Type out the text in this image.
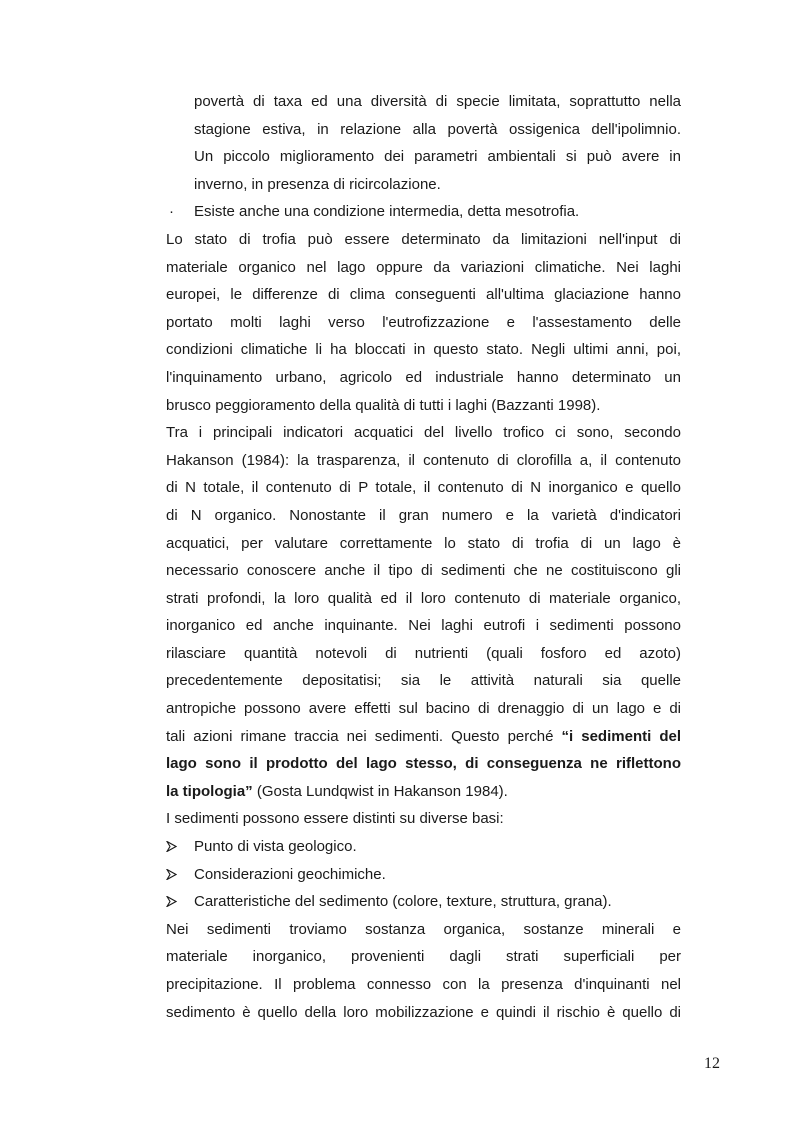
povertà di taxa ed una diversità di specie limitata, soprattutto nella
stagione estiva, in relazione alla povertà ossigenica dell'ipolimnio.
Un piccolo miglioramento dei parametri ambientali si può avere in
inverno, in presenza di ricircolazione.
·	Esiste anche una condizione intermedia, detta mesotrofia.
Lo stato di trofia può essere determinato da limitazioni nell'input di
materiale organico nel lago oppure da variazioni climatiche. Nei laghi
europei, le differenze di clima conseguenti all'ultima glaciazione hanno
portato molti laghi verso l'eutrofizzazione e l'assestamento delle
condizioni climatiche li ha bloccati in questo stato. Negli ultimi anni, poi,
l'inquinamento urbano, agricolo ed industriale hanno determinato un
brusco peggioramento della qualità di tutti i laghi (Bazzanti 1998).
Tra i principali indicatori acquatici del livello trofico ci sono, secondo
Hakanson (1984): la trasparenza, il contenuto di clorofilla a, il contenuto
di N totale, il contenuto di P totale, il contenuto di N inorganico e quello
di N organico. Nonostante il gran numero e la varietà d'indicatori
acquatici, per valutare correttamente lo stato di trofia di un lago è
necessario conoscere anche il tipo di sedimenti che ne costituiscono gli
strati profondi, la loro qualità ed il loro contenuto di materiale organico,
inorganico ed anche inquinante. Nei laghi eutrofi i sedimenti possono
rilasciare quantità notevoli di nutrienti (quali fosforo ed azoto)
precedentemente depositatisi; sia le attività naturali sia quelle
antropiche possono avere effetti sul bacino di drenaggio di un lago e di
tali azioni rimane traccia nei sedimenti. Questo perché “i sedimenti del
lago sono il prodotto del lago stesso, di conseguenza ne riflettono
la tipologia” (Gosta Lundqwist in Hakanson 1984).
I sedimenti possono essere distinti su diverse basi:
Punto di vista geologico.
Considerazioni geochimiche.
Caratteristiche del sedimento (colore, texture, struttura, grana).
Nei sedimenti troviamo sostanza organica, sostanze minerali e
materiale inorganico, provenienti dagli strati superficiali per
precipitazione. Il problema connesso con la presenza d'inquinanti nel
sedimento è quello della loro mobilizzazione e quindi il rischio è quello di
12
